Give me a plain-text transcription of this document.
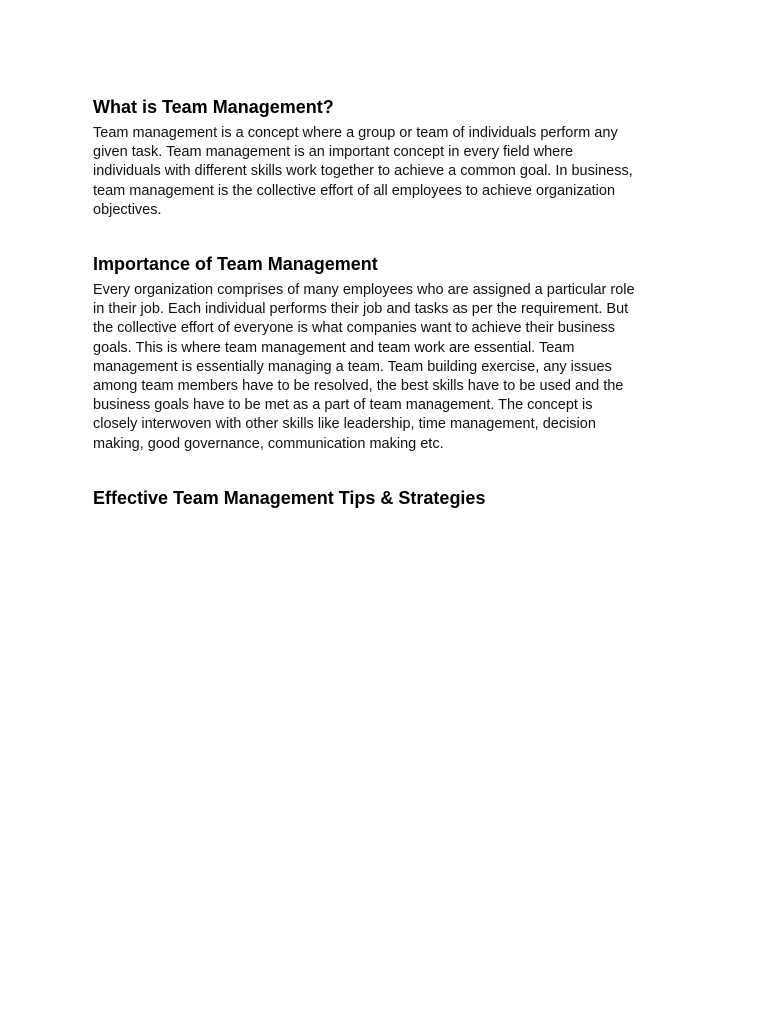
What is Team Management?

Team management is a concept where a group or team of individuals perform any
given task. Team management is an important concept in every field where
individuals with different skills work together to achieve a common goal. In business,
team management is the collective effort of all employees to achieve organization
objectives.

Importance of Team Management

Every organization comprises of many employees who are assigned a particular role
in their job. Each individual performs their job and tasks as per the requirement. But
the collective effort of everyone is what companies want to achieve their business
goals. This is where team management and team work are essential. Team
management is essentially managing a team. Team building exercise, any issues
among team members have to be resolved, the best skills have to be used and the
business goals have to be met as a part of team management. The concept is
closely interwoven with other skills like leadership, time management, decision
making, good governance, communication making etc.

Effective Team Management Tips & Strategies
